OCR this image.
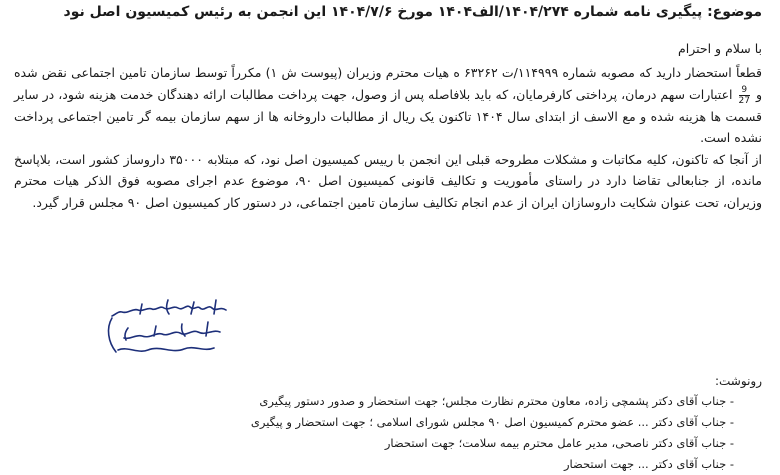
موضوع: پیگیری نامه شماره ۱۴۰۴/۲۷۴/الف۱۴۰۴ مورخ ۱۴۰۴/۷/۶ این انجمن به رئیس کمیسیون اصل نود
با سلام و احترام

قطعاً استحضار دارید که مصوبه شماره ۱۱۴۹۹۹/ت ۶۳۲۶۲ ه هیات محترم وزیران (پیوست ش ۱) مکرراً توسط سازمان تامین اجتماعی نقض شده و
$\frac{9}{27}$
اعتبارات سهم درمان، پرداختی کارفرمایان، که باید بلافاصله پس از وصول، جهت پرداخت مطالبات ارائه دهندگان خدمت هزینه شود، در سایر قسمت ها هزینه شده و مع الاسف از ابتدای سال ۱۴۰۴ تاکنون یک ریال از مطالبات داروخانه ها از سهم سازمان بیمه گر تامین اجتماعی پرداخت نشده است.

از آنجا که تاکنون، کلیه مکاتبات و مشکلات مطروحه قبلی این انجمن با رییس کمیسیون اصل نود، که مبتلابه ۳۵۰۰۰ داروساز کشور است، بلاپاسخ مانده، از جنابعالی تقاضا دارد در راستای مأموریت و تکالیف قانونی کمیسیون اصل ۹۰، موضوع عدم اجرای مصوبه فوق الذکر هیات محترم وزیران، تحت عنوان شکایت داروسازان ایران از عدم انجام تکالیف سازمان تامین اجتماعی، در دستور کار کمیسیون اصل ۹۰ مجلس قرار گیرد.

رونوشت:
- جناب آقای دکتر پشمچی زاده، معاون محترم نظارت مجلس؛ جهت استحضار و صدور دستور پیگیری
- جناب آقای دکتر ... عضو محترم کمیسیون اصل ۹۰ مجلس شورای اسلامی ؛ جهت استحضار و پیگیری
- جناب آقای دکتر ناصحی، مدیر عامل محترم بیمه سلامت؛ جهت استحضار
- جناب آقای دکتر ... جهت استحضار
